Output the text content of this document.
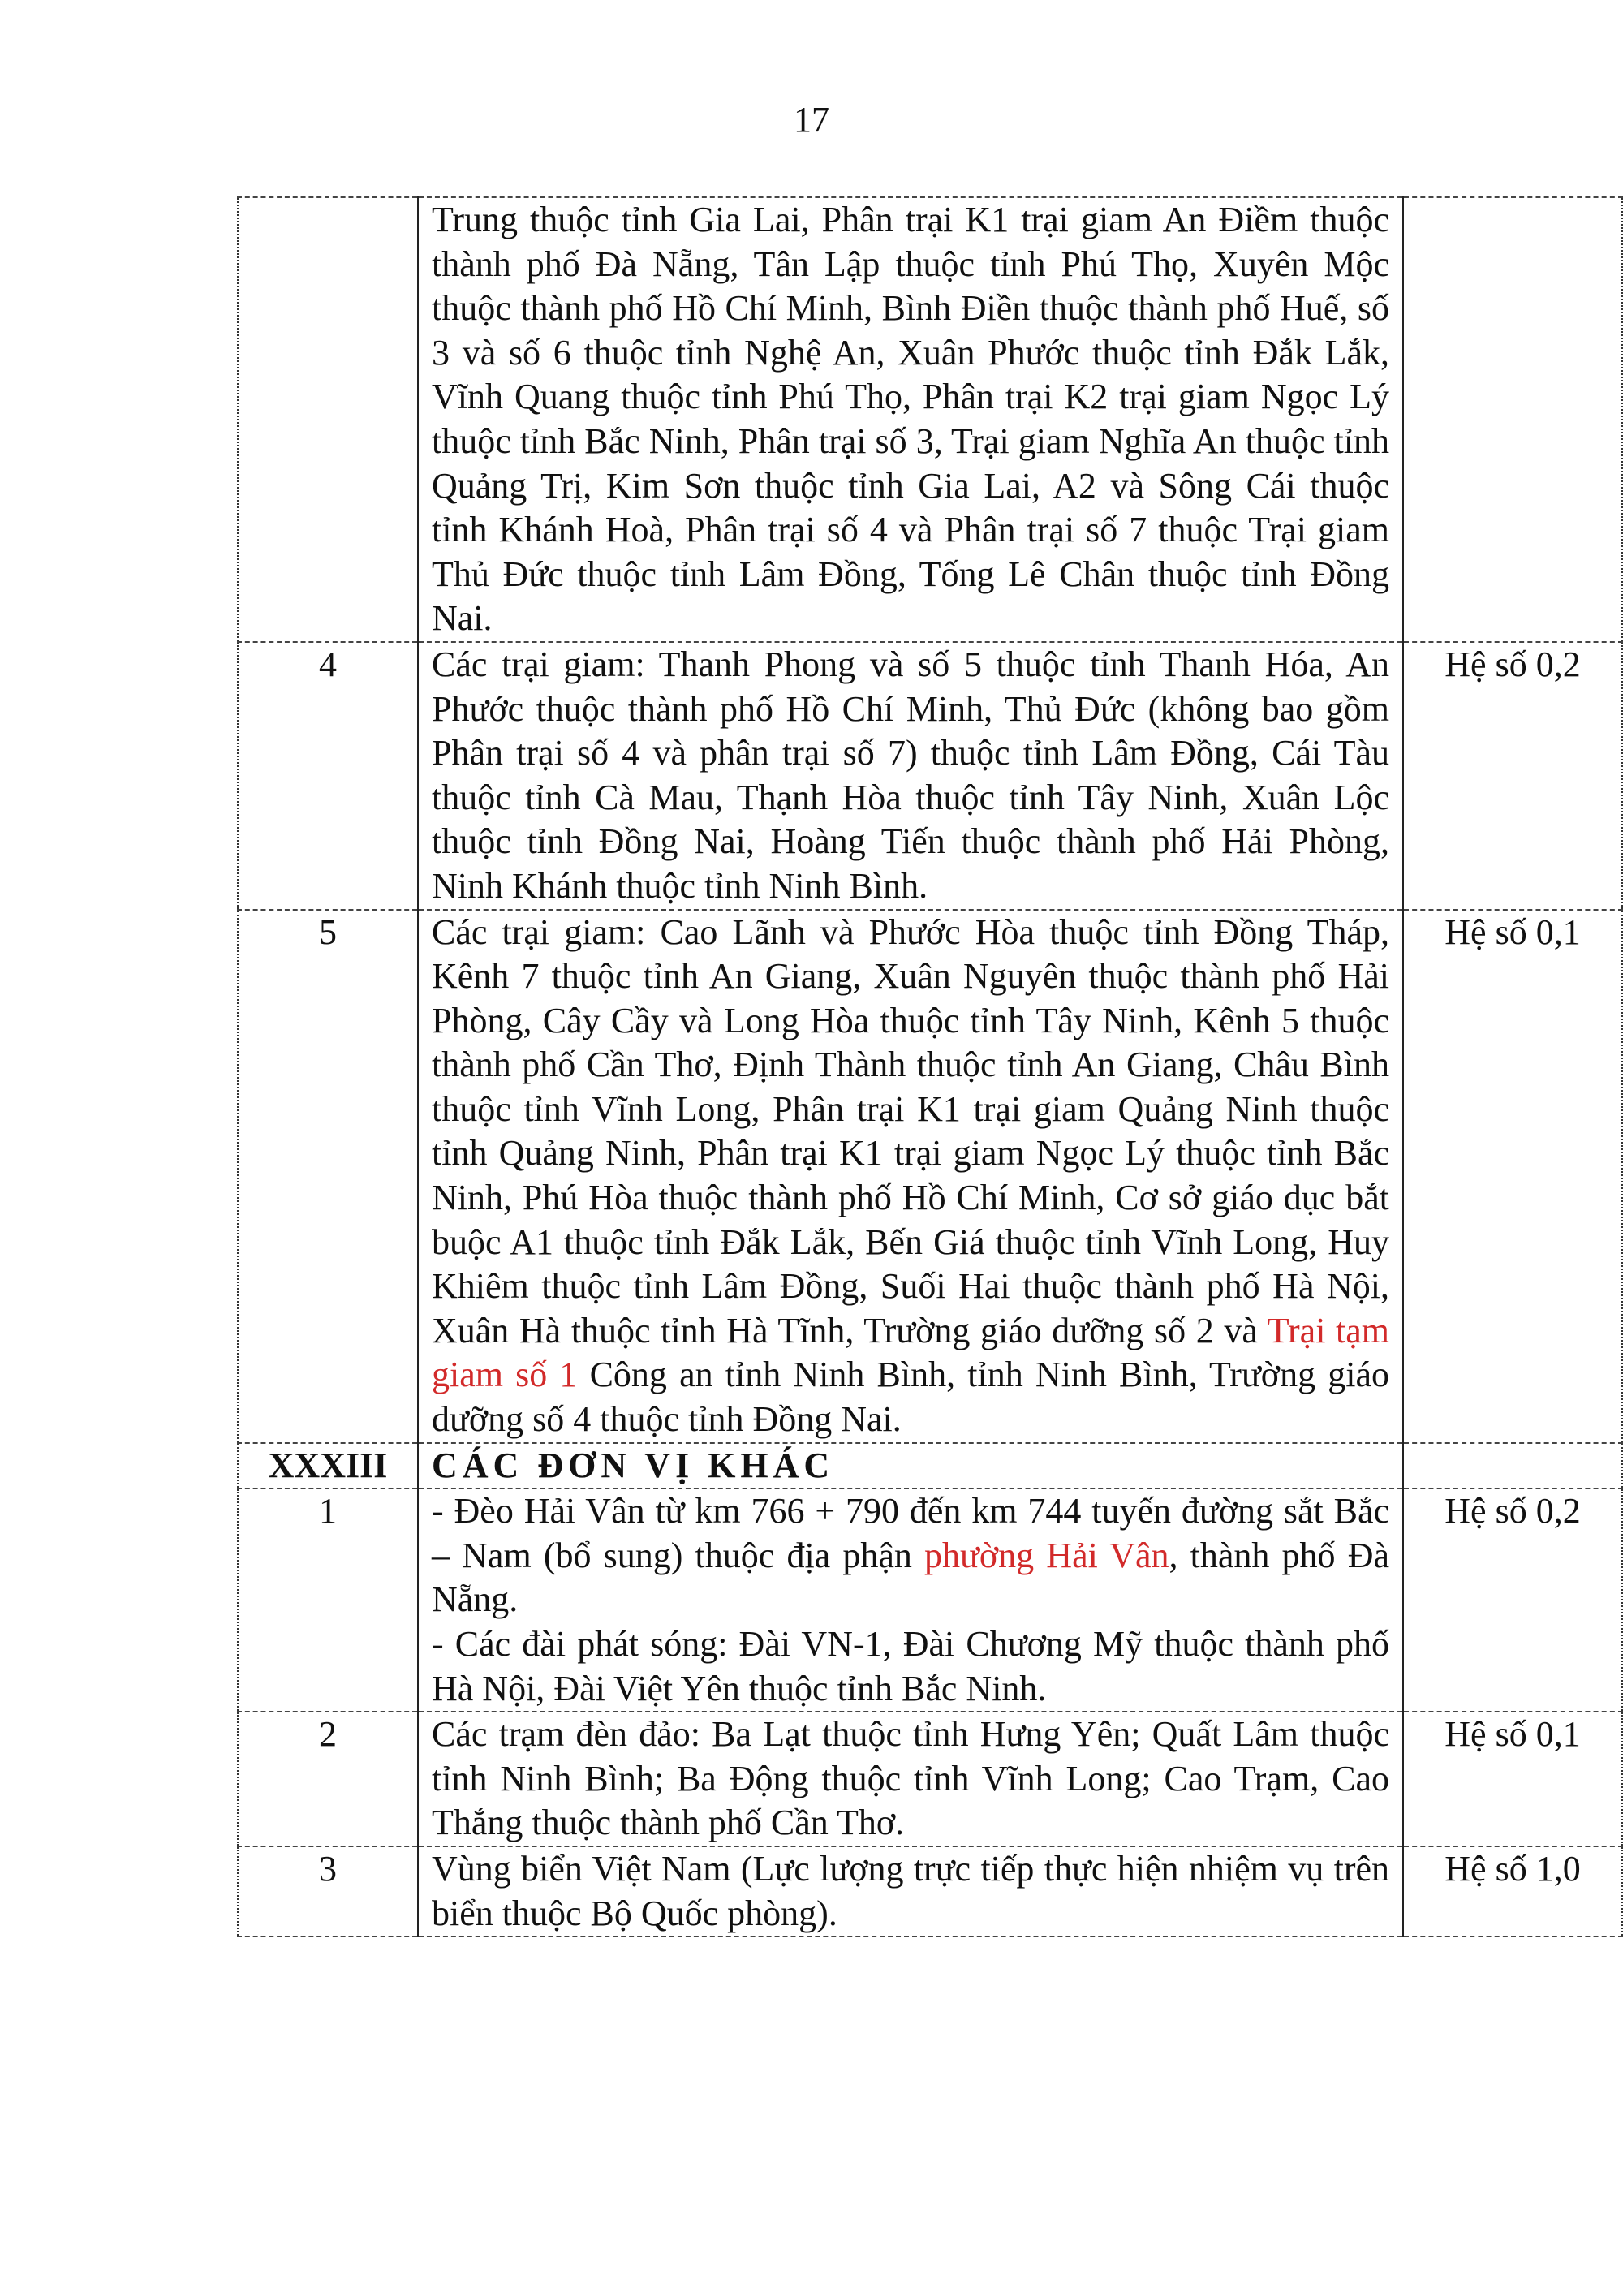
17
	Trung thuộc tỉnh Gia Lai, Phân trại K1 trại giam An Điềm thuộc thành phố Đà Nẵng, Tân Lập thuộc tỉnh Phú Thọ, Xuyên Mộc thuộc thành phố Hồ Chí Minh, Bình Điền thuộc thành phố Huế, số 3 và số 6 thuộc tỉnh Nghệ An, Xuân Phước thuộc tỉnh Đắk Lắk, Vĩnh Quang thuộc tỉnh Phú Thọ, Phân trại K2 trại giam Ngọc Lý thuộc tỉnh Bắc Ninh, Phân trại số 3, Trại giam Nghĩa An thuộc tỉnh Quảng Trị, Kim Sơn thuộc tỉnh Gia Lai, A2 và Sông Cái thuộc tỉnh Khánh Hoà, Phân trại số 4 và Phân trại số 7 thuộc Trại giam Thủ Đức thuộc tỉnh Lâm Đồng, Tống Lê Chân thuộc tỉnh Đồng Nai.	
4	Các trại giam: Thanh Phong và số 5 thuộc tỉnh Thanh Hóa, An Phước thuộc thành phố Hồ Chí Minh, Thủ Đức (không bao gồm Phân trại số 4 và phân trại số 7) thuộc tỉnh Lâm Đồng, Cái Tàu thuộc tỉnh Cà Mau, Thạnh Hòa thuộc tỉnh Tây Ninh, Xuân Lộc thuộc tỉnh Đồng Nai, Hoàng Tiến thuộc thành phố Hải Phòng, Ninh Khánh thuộc tỉnh Ninh Bình.	Hệ số 0,2
5	Các trại giam: Cao Lãnh và Phước Hòa thuộc tỉnh Đồng Tháp, Kênh 7 thuộc tỉnh An Giang, Xuân Nguyên thuộc thành phố Hải Phòng, Cây Cầy và Long Hòa thuộc tỉnh Tây Ninh, Kênh 5 thuộc thành phố Cần Thơ, Định Thành thuộc tỉnh An Giang, Châu Bình thuộc tỉnh Vĩnh Long, Phân trại K1 trại giam Quảng Ninh thuộc tỉnh Quảng Ninh, Phân trại K1 trại giam Ngọc Lý thuộc tỉnh Bắc Ninh, Phú Hòa thuộc thành phố Hồ Chí Minh, Cơ sở giáo dục bắt buộc A1 thuộc tỉnh Đắk Lắk, Bến Giá thuộc tỉnh Vĩnh Long, Huy Khiêm thuộc tỉnh Lâm Đồng, Suối Hai thuộc thành phố Hà Nội, Xuân Hà thuộc tỉnh Hà Tĩnh, Trường giáo dưỡng số 2 và Trại tạm giam số 1 Công an tỉnh Ninh Bình, tỉnh Ninh Bình, Trường giáo dưỡng số 4 thuộc tỉnh Đồng Nai.	Hệ số 0,1
XXXIII	CÁC ĐƠN VỊ KHÁC	
1	- Đèo Hải Vân từ km 766 + 790 đến km 744 tuyến đường sắt Bắc – Nam (bổ sung) thuộc địa phận phường Hải Vân, thành phố Đà Nẵng.
- Các đài phát sóng: Đài VN-1, Đài Chương Mỹ thuộc thành phố Hà Nội, Đài Việt Yên thuộc tỉnh Bắc Ninh.	Hệ số 0,2
2	Các trạm đèn đảo: Ba Lạt thuộc tỉnh Hưng Yên; Quất Lâm thuộc tỉnh Ninh Bình; Ba Động thuộc tỉnh Vĩnh Long; Cao Trạm, Cao Thắng thuộc thành phố Cần Thơ.	Hệ số 0,1
3	Vùng biển Việt Nam (Lực lượng trực tiếp thực hiện nhiệm vụ trên biển thuộc Bộ Quốc phòng).	Hệ số 1,0
